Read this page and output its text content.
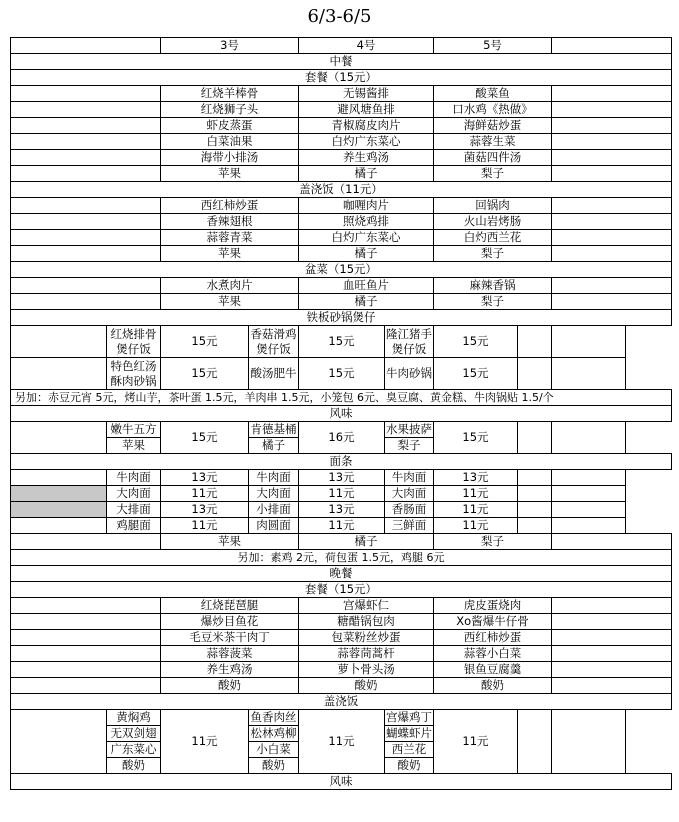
6/3-6/5
		3号		4号		5号		
中餐								
套餐（15元）								
		红烧羊棒骨		无锡酱排		酸菜鱼		
		红烧狮子头		避风塘鱼排		口水鸡《热做》		
		虾皮蒸蛋		青椒腐皮肉片		海鲜菇炒蛋		
		白菜油果		白灼广东菜心		蒜蓉生菜		
		海带小排汤		养生鸡汤		菌菇四件汤		
		苹果		橘子		梨子		
盖浇饭（11元）								
		西红柿炒蛋		咖喱肉片		回锅肉		
		香辣翅根		照烧鸡排		火山岩烤肠		
		蒜蓉青菜		白灼广东菜心		白灼西兰花		
		苹果		橘子		梨子		
盆菜（15元）								
		水煮肉片		血旺鱼片		麻辣香锅		
		苹果		橘子		梨子		
铁板砂锅煲仔								
	红烧排骨煲仔饭	15元	香菇滑鸡煲仔饭	15元	隆江猪手煲仔饭	15元		
	特色红汤酥肉砂锅	15元	酸汤肥牛	15元	牛肉砂锅	15元		
另加：赤豆元宵 5元，烤山芋，茶叶蛋 1.5元，羊肉串 1.5元，小笼包 6元、臭豆腐、黄金糕、牛肉锅贴 1.5/个								
风味								
	嫩牛五方	15元	肯德基桶	16元	水果披萨	15元		
	苹果		橘子		梨子			
面条								
	牛肉面	13元	牛肉面	13元	牛肉面	13元		
	大肉面	11元	大肉面	11元	大肉面	11元		
	大排面	13元	小排面	13元	香肠面	11元		
	鸡腿面	11元	肉圆面	11元	三鲜面	11元		
		苹果		橘子		梨子		
另加：素鸡 2元，荷包蛋 1.5元，鸡腿 6元								
晚餐								
套餐（15元）								
		红烧琵琶腿		宫爆虾仁		虎皮蛋烧肉		
		爆炒目鱼花		糖醋锅包肉		Xo酱爆牛仔骨		
		毛豆米茶干肉丁		包菜粉丝炒蛋		西红柿炒蛋		
		蒜蓉菠菜		蒜蓉茼蒿杆		蒜蓉小白菜		
		养生鸡汤		萝卜骨头汤		银鱼豆腐羹		
		酸奶		酸奶		酸奶		
盖浇饭								
	黄焖鸡	11元	鱼香肉丝	11元	宫爆鸡丁	11元		
	无双剑翅		松林鸡柳		蝴蝶虾片			
	广东菜心		小白菜		西兰花			
	酸奶		酸奶		酸奶			
风味								
